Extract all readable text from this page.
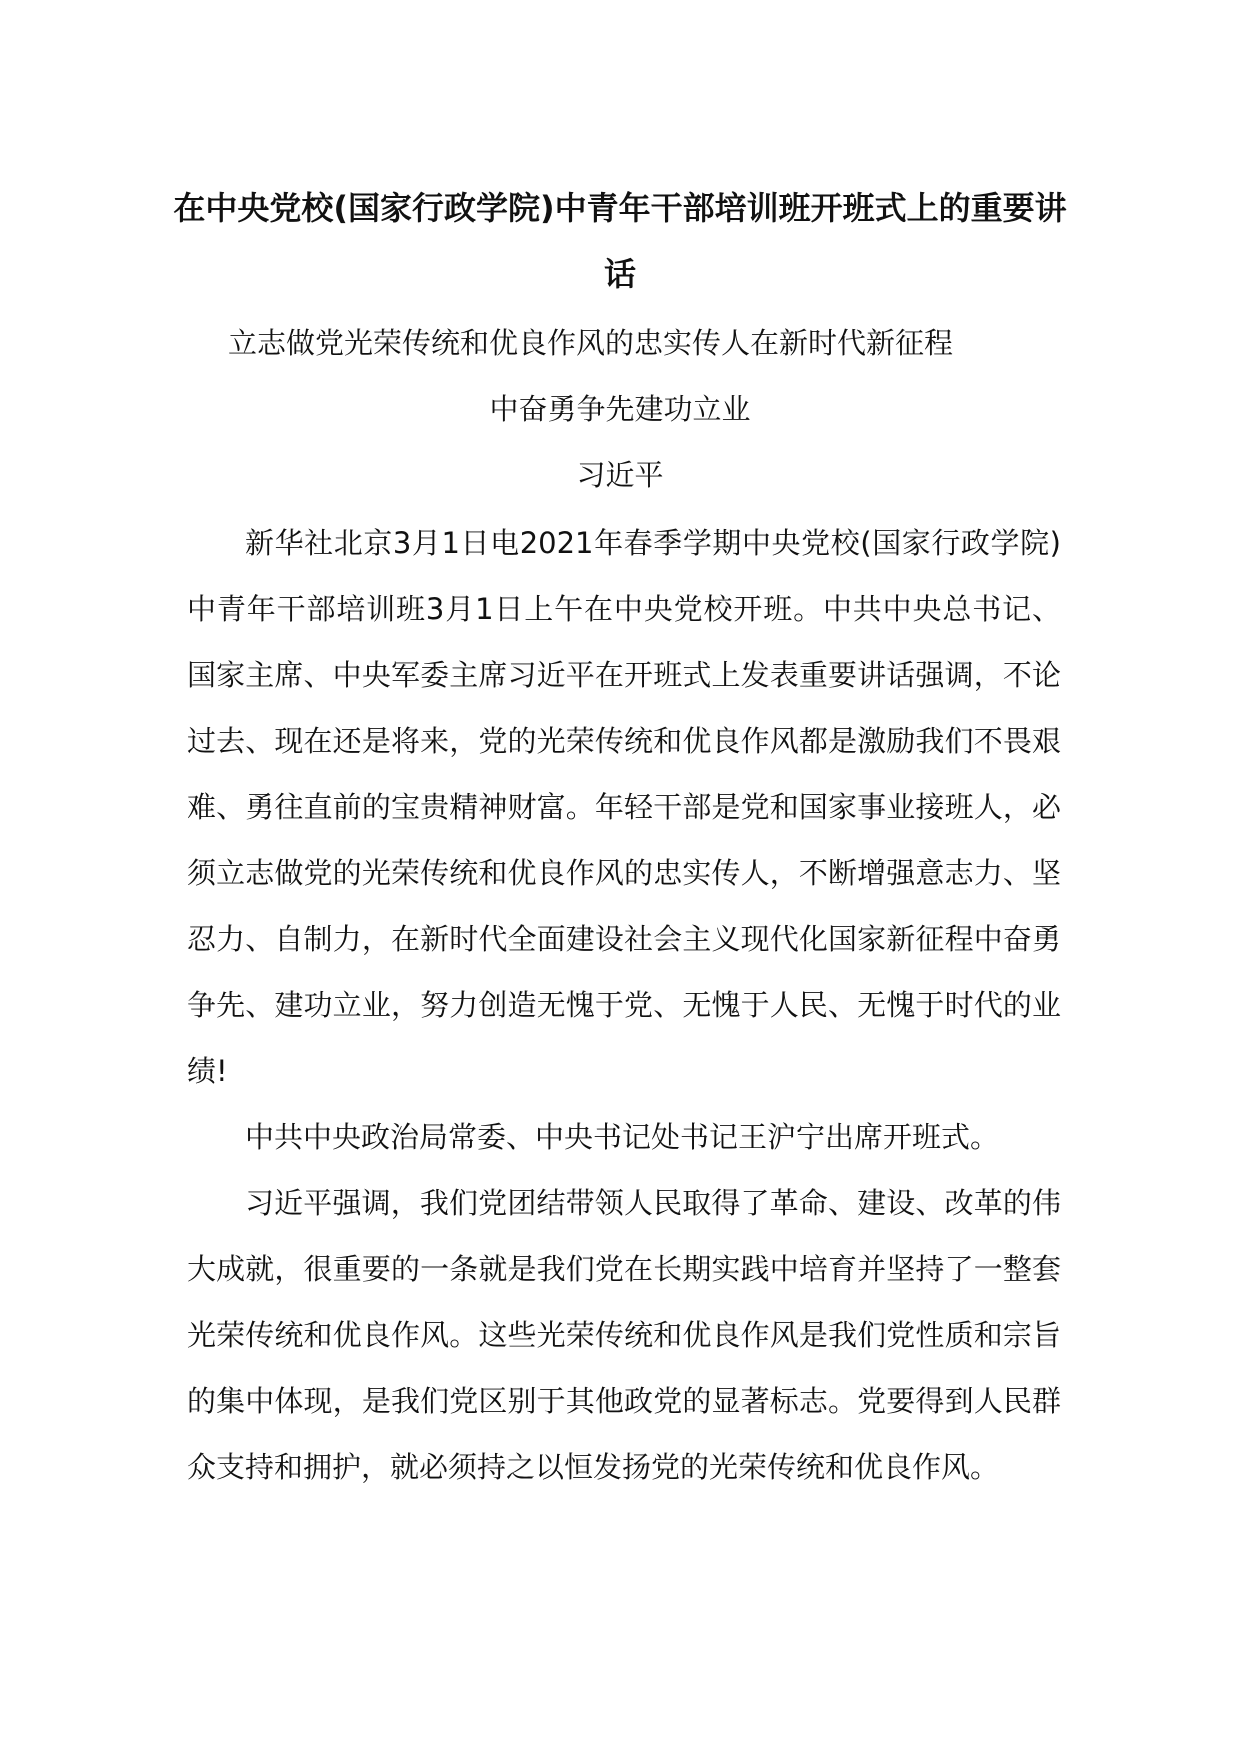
在中央党校(国家行政学院)中青年干部培训班开班式上的重要讲话
立志做党光荣传统和优良作风的忠实传人在新时代新征程
中奋勇争先建功立业
习近平

新华社北京3月1日电2021年春季学期中央党校(国家行政学院)中青年干部培训班3月1日上午在中央党校开班。中共中央总书记、国家主席、中央军委主席习近平在开班式上发表重要讲话强调，不论过去、现在还是将来，党的光荣传统和优良作风都是激励我们不畏艰难、勇往直前的宝贵精神财富。年轻干部是党和国家事业接班人，必须立志做党的光荣传统和优良作风的忠实传人，不断增强意志力、坚忍力、自制力，在新时代全面建设社会主义现代化国家新征程中奋勇争先、建功立业，努力创造无愧于党、无愧于人民、无愧于时代的业绩!

中共中央政治局常委、中央书记处书记王沪宁出席开班式。

习近平强调，我们党团结带领人民取得了革命、建设、改革的伟大成就，很重要的一条就是我们党在长期实践中培育并坚持了一整套光荣传统和优良作风。这些光荣传统和优良作风是我们党性质和宗旨的集中体现，是我们党区别于其他政党的显著标志。党要得到人民群众支持和拥护，就必须持之以恒发扬党的光荣传统和优良作风。
